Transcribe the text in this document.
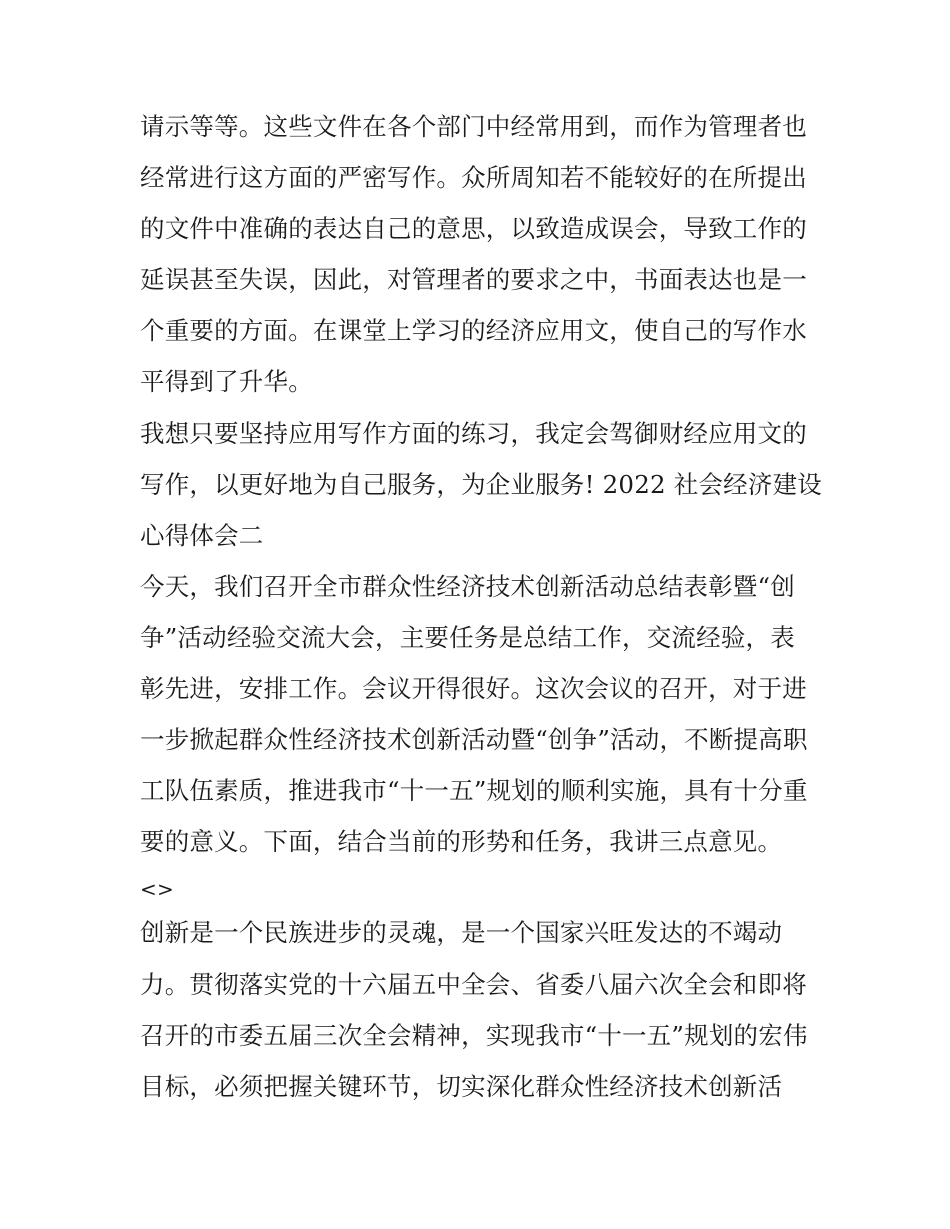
请示等等。这些文件在各个部门中经常用到，而作为管理者也
经常进行这方面的严密写作。众所周知若不能较好的在所提出
的文件中准确的表达自己的意思，以致造成误会，导致工作的
延误甚至失误，因此，对管理者的要求之中，书面表达也是一
个重要的方面。在课堂上学习的经济应用文，使自己的写作水
平得到了升华。
我想只要坚持应用写作方面的练习，我定会驾御财经应用文的
写作，以更好地为自己服务，为企业服务! 2022 社会经济建设
心得体会二
今天，我们召开全市群众性经济技术创新活动总结表彰暨“创
争”活动经验交流大会，主要任务是总结工作，交流经验，表
彰先进，安排工作。会议开得很好。这次会议的召开，对于进
一步掀起群众性经济技术创新活动暨“创争”活动，不断提高职
工队伍素质，推进我市“十一五”规划的顺利实施，具有十分重
要的意义。下面，结合当前的形势和任务，我讲三点意见。
<>
创新是一个民族进步的灵魂，是一个国家兴旺发达的不竭动
力。贯彻落实党的十六届五中全会、省委八届六次全会和即将
召开的市委五届三次全会精神，实现我市“十一五”规划的宏伟
目标，必须把握关键环节，切实深化群众性经济技术创新活
